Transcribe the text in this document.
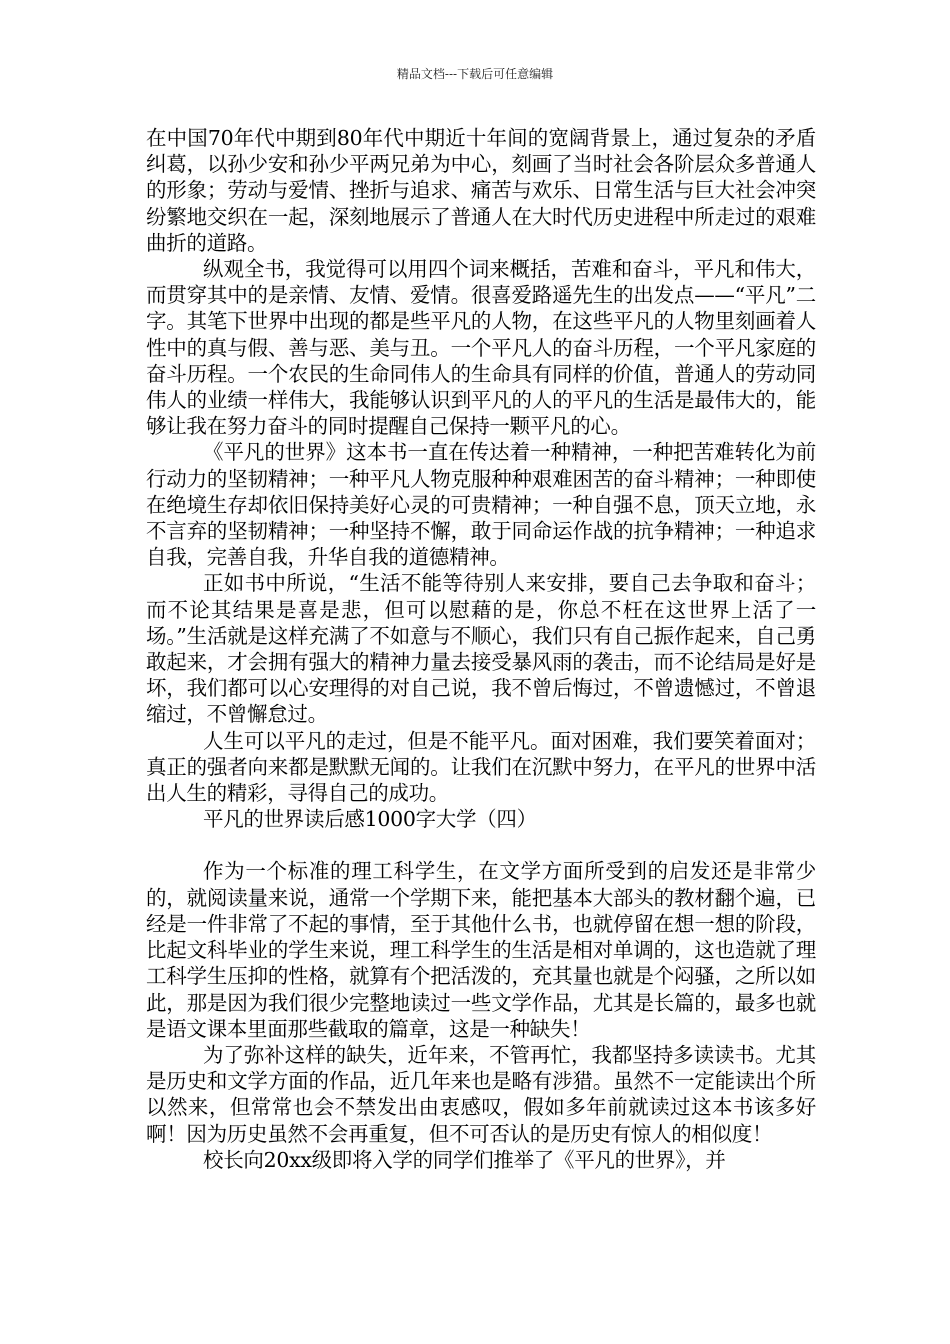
精品文档---下载后可任意编辑

在中国70年代中期到80年代中期近十年间的宽阔背景上，通过复杂的矛盾纠葛，以孙少安和孙少平两兄弟为中心，刻画了当时社会各阶层众多普通人的形象；劳动与爱情、挫折与追求、痛苦与欢乐、日常生活与巨大社会冲突纷繁地交织在一起，深刻地展示了普通人在大时代历史进程中所走过的艰难曲折的道路。

纵观全书，我觉得可以用四个词来概括，苦难和奋斗，平凡和伟大，而贯穿其中的是亲情、友情、爱情。很喜爱路遥先生的出发点——“平凡”二字。其笔下世界中出现的都是些平凡的人物，在这些平凡的人物里刻画着人性中的真与假、善与恶、美与丑。一个平凡人的奋斗历程，一个平凡家庭的奋斗历程。一个农民的生命同伟人的生命具有同样的价值，普通人的劳动同伟人的业绩一样伟大，我能够认识到平凡的人的平凡的生活是最伟大的，能够让我在努力奋斗的同时提醒自己保持一颗平凡的心。

《平凡的世界》这本书一直在传达着一种精神，一种把苦难转化为前行动力的坚韧精神；一种平凡人物克服种种艰难困苦的奋斗精神；一种即使在绝境生存却依旧保持美好心灵的可贵精神；一种自强不息，顶天立地，永不言弃的坚韧精神；一种坚持不懈，敢于同命运作战的抗争精神；一种追求自我，完善自我，升华自我的道德精神。

正如书中所说，“生活不能等待别人来安排，要自己去争取和奋斗；而不论其结果是喜是悲，但可以慰藉的是，你总不枉在这世界上活了一场。”生活就是这样充满了不如意与不顺心，我们只有自己振作起来，自己勇敢起来，才会拥有强大的精神力量去接受暴风雨的袭击，而不论结局是好是坏，我们都可以心安理得的对自己说，我不曾后悔过，不曾遗憾过，不曾退缩过，不曾懈怠过。

人生可以平凡的走过，但是不能平凡。面对困难，我们要笑着面对；真正的强者向来都是默默无闻的。让我们在沉默中努力，在平凡的世界中活出人生的精彩，寻得自己的成功。

平凡的世界读后感1000字大学（四）

作为一个标准的理工科学生，在文学方面所受到的启发还是非常少的，就阅读量来说，通常一个学期下来，能把基本大部头的教材翻个遍，已经是一件非常了不起的事情，至于其他什么书，也就停留在想一想的阶段，比起文科毕业的学生来说，理工科学生的生活是相对单调的，这也造就了理工科学生压抑的性格，就算有个把活泼的，充其量也就是个闷骚，之所以如此，那是因为我们很少完整地读过一些文学作品，尤其是长篇的，最多也就是语文课本里面那些截取的篇章，这是一种缺失！

为了弥补这样的缺失，近年来，不管再忙，我都坚持多读读书。尤其是历史和文学方面的作品，近几年来也是略有涉猎。虽然不一定能读出个所以然来，但常常也会不禁发出由衷感叹，假如多年前就读过这本书该多好啊！因为历史虽然不会再重复，但不可否认的是历史有惊人的相似度！

校长向20xx级即将入学的同学们推举了《平凡的世界》，并
